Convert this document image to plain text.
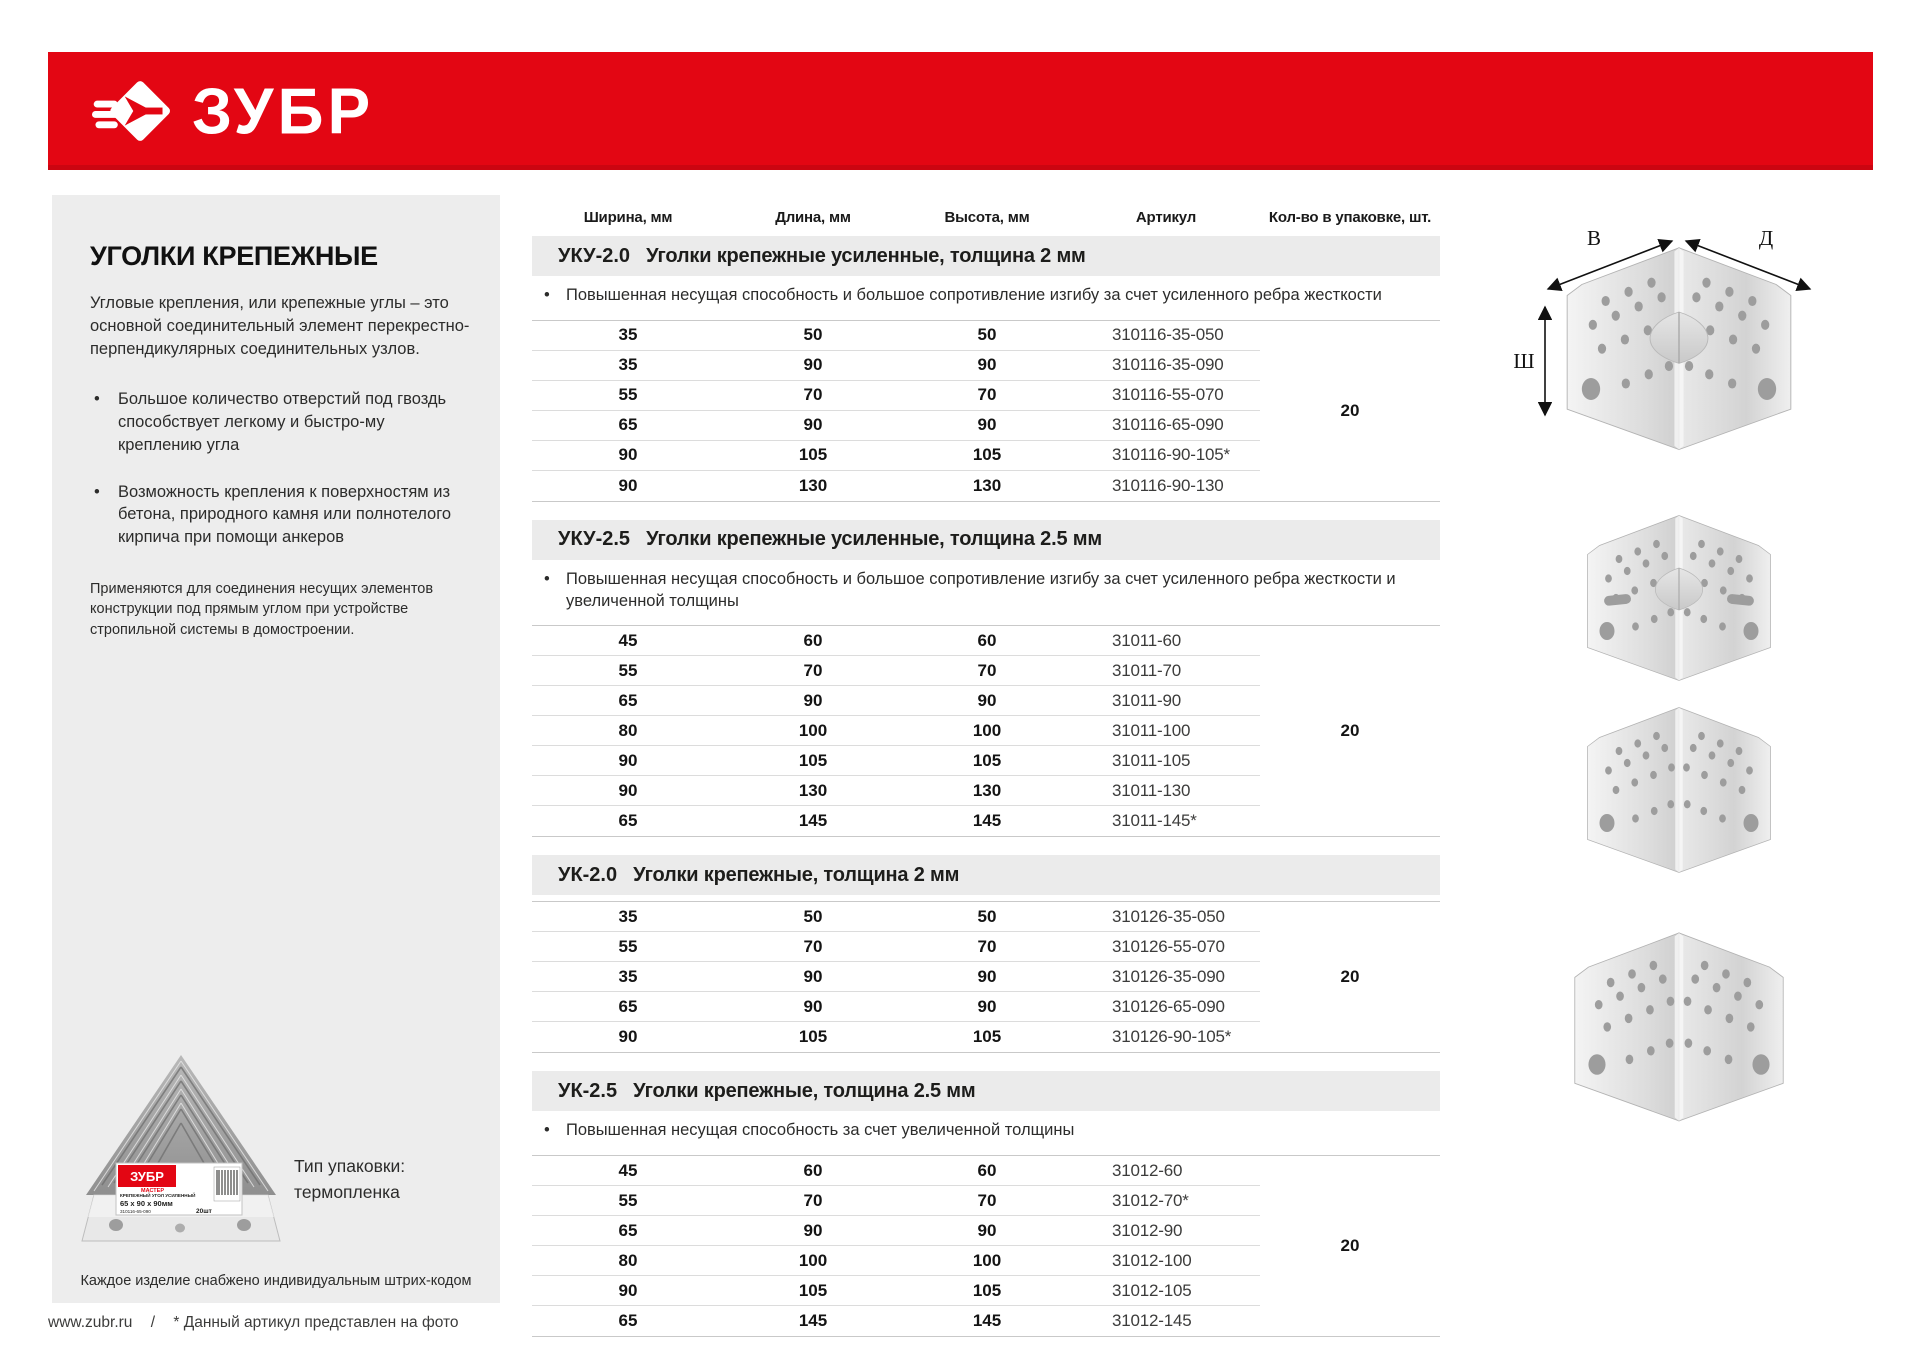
ЗУБР
УГОЛКИ КРЕПЕЖНЫЕ

Угловые крепления, или крепежные углы – это основной соединительный элемент перекрестно-перпендикулярных соединительных узлов.

•	Большое количество отверстий под гвоздь способствует легкому и быстро-му креплению угла
•	Возможность крепления к поверхностям из бетона, природного камня или полнотелого кирпича при помощи анкеров

Применяются для соединения несущих элементов конструкции под прямым углом при устройстве стропильной системы в домостроении.

ЗУБР
МАСТЕР
КРЕПЕЖНЫЙ УГОЛ УСИЛЕННЫЙ
65 х 90 х 90мм
310116-65-090	20шт
Тип упаковки:
термопленка
Каждое изделие снабжено индивидуальным штрих-кодом
Ширина, мм	Длина, мм	Высота, мм	Артикул	Кол-во в упаковке, шт.
УКУ-2.0 Уголки крепежные усиленные, толщина 2 мм
• Повышенная несущая способность и большое сопротивление изгибу за счет усиленного ребра жесткости
35	50	50	310116-35-050
35	90	90	310116-35-090
55	70	70	310116-55-070
65	90	90	310116-65-090
90	105	105	310116-90-105*
90	130	130	310116-90-130
20
УКУ-2.5 Уголки крепежные усиленные, толщина 2.5 мм
• Повышенная несущая способность и большое сопротивление изгибу за счет усиленного ребра жесткости и увеличенной толщины
45	60	60	31011-60
55	70	70	31011-70
65	90	90	31011-90
80	100	100	31011-100
90	105	105	31011-105
90	130	130	31011-130
65	145	145	31011-145*
20
УК-2.0 Уголки крепежные, толщина 2 мм
35	50	50	310126-35-050
55	70	70	310126-55-070
35	90	90	310126-35-090
65	90	90	310126-65-090
90	105	105	310126-90-105*
20
УК-2.5 Уголки крепежные, толщина 2.5 мм
• Повышенная несущая способность за счет увеличенной толщины
45	60	60	31012-60
55	70	70	31012-70*
65	90	90	31012-90
80	100	100	31012-100
90	105	105	31012-105
65	145	145	31012-145
20
В	Д
Ш
www.zubr.ru / * Данный артикул представлен на фото
